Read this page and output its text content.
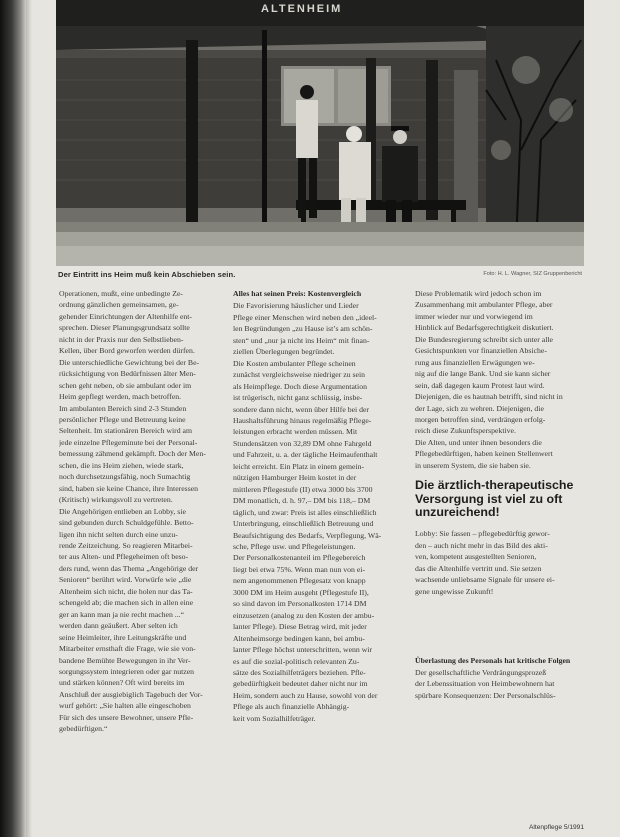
ALTENHEIM
Der Eintritt ins Heim muß kein Abschieben sein.	Foto: H. L. Wagner, SIZ Gruppenbericht
Operationen, mußt, eine unbedingte Ze-
ordnung gänzlichen gemeinsamen, ge-
gehender Einrichtungen der Altenhilfe ent-
sprechen. Dieser Planungsgrundsatz sollte
nicht in der Praxis nur den Selbstlieben-
Kellen, über Bord geworfen werden dürfen.
Die unterschiedliche Gewichtung bei der Be-
rücksichtigung von Bedürfnissen älter Men-
schen geht neben, ob sie ambulant oder im
Heim gepflegt werden, mach betroffen.
Im ambulanten Bereich sind 2-3 Stunden
persönlicher Pflege und Betreuung keine
Seltenheit. Im stationären Bereich wird am
jede einzelne Pflegeminute bei der Personal-
bemessung zähmend gekämpft. Doch der Men-
schen, die ins Heim ziehen, wiede stark,
noch durchsetzungsfähig, noch Sumachtig
sind, haben sie keine Chance, ihre Interessen
(Kritisch) wirkungsvoll zu vertreten.
Die Angehörigen entlieben an Lobby, sie
sind gebunden durch Schuldgefühle. Betto-
ligen ihn nicht selten durch eine unzu-
rende Zeitzeichung. So reagieren Mitarbei-
ter aus Alten- und Pflegeheimen oft beso-
ders rund, wenn das Thema „Angehörige der
Senioren“ berührt wird. Vorwürfe wie „die
Altenheim sich nicht, die holen nur das Ta-
schengeld ab; die machen sich in allen eine
ger an kann man ja nie recht machen ...“
werden dann geäußert. Aber selten ich
seine Heimleiter, ihre Leitungskräfte und
Mitarbeiter ernsthaft die Frage, wie sie von-
bandene Bemühte Bewegungen in ihr Ver-
sorgungssystem integrieren oder gar nutzen
und stärken können? Oft wird bereits im
Anschluß der ausgiebiglich Tagebuch der Vor-
wurf gehört: „Sie halten alle eingeschoben
Für sich des unsere Bewohner, unsere Pfle-
gebedürftigen.“

Alles hat seinen Preis: Kostenvergleich

Die Favorisierung häuslicher und Lieder
Pflege einer Menschen wird neben den „ideel-
len Begründungen „zu Hause ist’s am schön-
sten“ und „nur ja nicht ins Heim“ mit finan-
ziellen Überlegungen begründet.
Die Kosten ambulanter Pflege scheinen
zunächst vergleichsweise niedriger zu sein
als Heimpflege. Doch diese Argumentation
ist trügerisch, nicht ganz schlüssig, insbe-
sondere dann nicht, wenn über Hilfe bei der
Haushaltsführung hinaus regelmäßig Pflege-
leistungen erbracht werden müssen. Mit
Stundensätzen von 32,89 DM ohne Fahrgeld
und Fahrzeit, u. a. der tägliche Heimaufenthalt
leicht erreicht. Ein Platz in einem gemein-
nützigen Hamburger Heim kostet in der
mittleren Pflegestufe (II) etwa 3000 bis 3700
DM monatlich, d. h. 97,– DM bis 118,– DM
täglich, und zwar: Preis ist alles einschließlich
Unterbringung, einschließlich Betreuung und
Beaufsichtigung des Bedarfs, Verpflegung, Wä-
sche, Pflege usw. und Pflegeleistungen.
Der Personalkostenanteil im Pflegebereich
liegt bei etwa 75%. Wenn man nun von ei-
nem angenommenen Pflegesatz von knapp
3000 DM im Heim ausgeht (Pflegestufe II),
so sind davon im Personalkosten 1714 DM
einzusetzen (analog zu den Kosten der ambu-
lanter Pflege). Diese Betrag wird, mit jeder
Altenheimsorge bedingen kann, bei ambu-
lanter Pflege höchst unterschritten, wenn wir
es auf die sozial-politisch relevanten Zu-
sätze des Sozialhilfeträgers beziehen. Pfle-
gebedürftigkeit bedeutet daher nicht nur im
Heim, sondern auch zu Hause, sowohl von der
Pflege als auch finanzielle Abhängig-
keit vom Sozialhilfeträger.
Diese Problematik wird jedoch schon im
Zusammenhang mit ambulanter Pflege, aber
immer wieder nur und vorwiegend im
Hinblick auf Bedarfsgerechtigkeit diskutiert.
Die Bundesregierung schreibt sich unter alle
Gesichtspunkten vor finanziellen Absiche-
rung aus finanziellen Erwägungen we-
nig auf die lange Bank. Und sie kann sicher
sein, daß dagegen kaum Protest laut wird.
Diejenigen, die es hautnah betrifft, sind nicht in
der Lage, sich zu wehren. Diejenigen, die
morgen betroffen sind, verdrängen erfolg-
reich diese Zukunftsperspektive.
Die Alten, und unter ihnen besonders die
Pflegebedürftigen, haben keinen Stellenwert
in unserem System, die sie haben sie.
Die ärztlich-therapeutische Versorgung ist viel zu oft unzureichend!
Lobby: Sie fassen – pflegebedürftig gewor-
den – auch nicht mehr in das Bild des akti-
ven, kompetent ausgestellten Senioren,
das die Altenhilfe vertritt und. Sie setzen
wachsende unliebsame Signale für unsere ei-
gene ungewisse Zukunft!

Überlastung des Personals hat kritische Folgen

Der gesellschaftliche Verdrängungsprozeß
der Lebenssituation von Heimbewohnern hat
spürbare Konsequenzen: Der Personalschlüs-
Altenpflege 5/1991
